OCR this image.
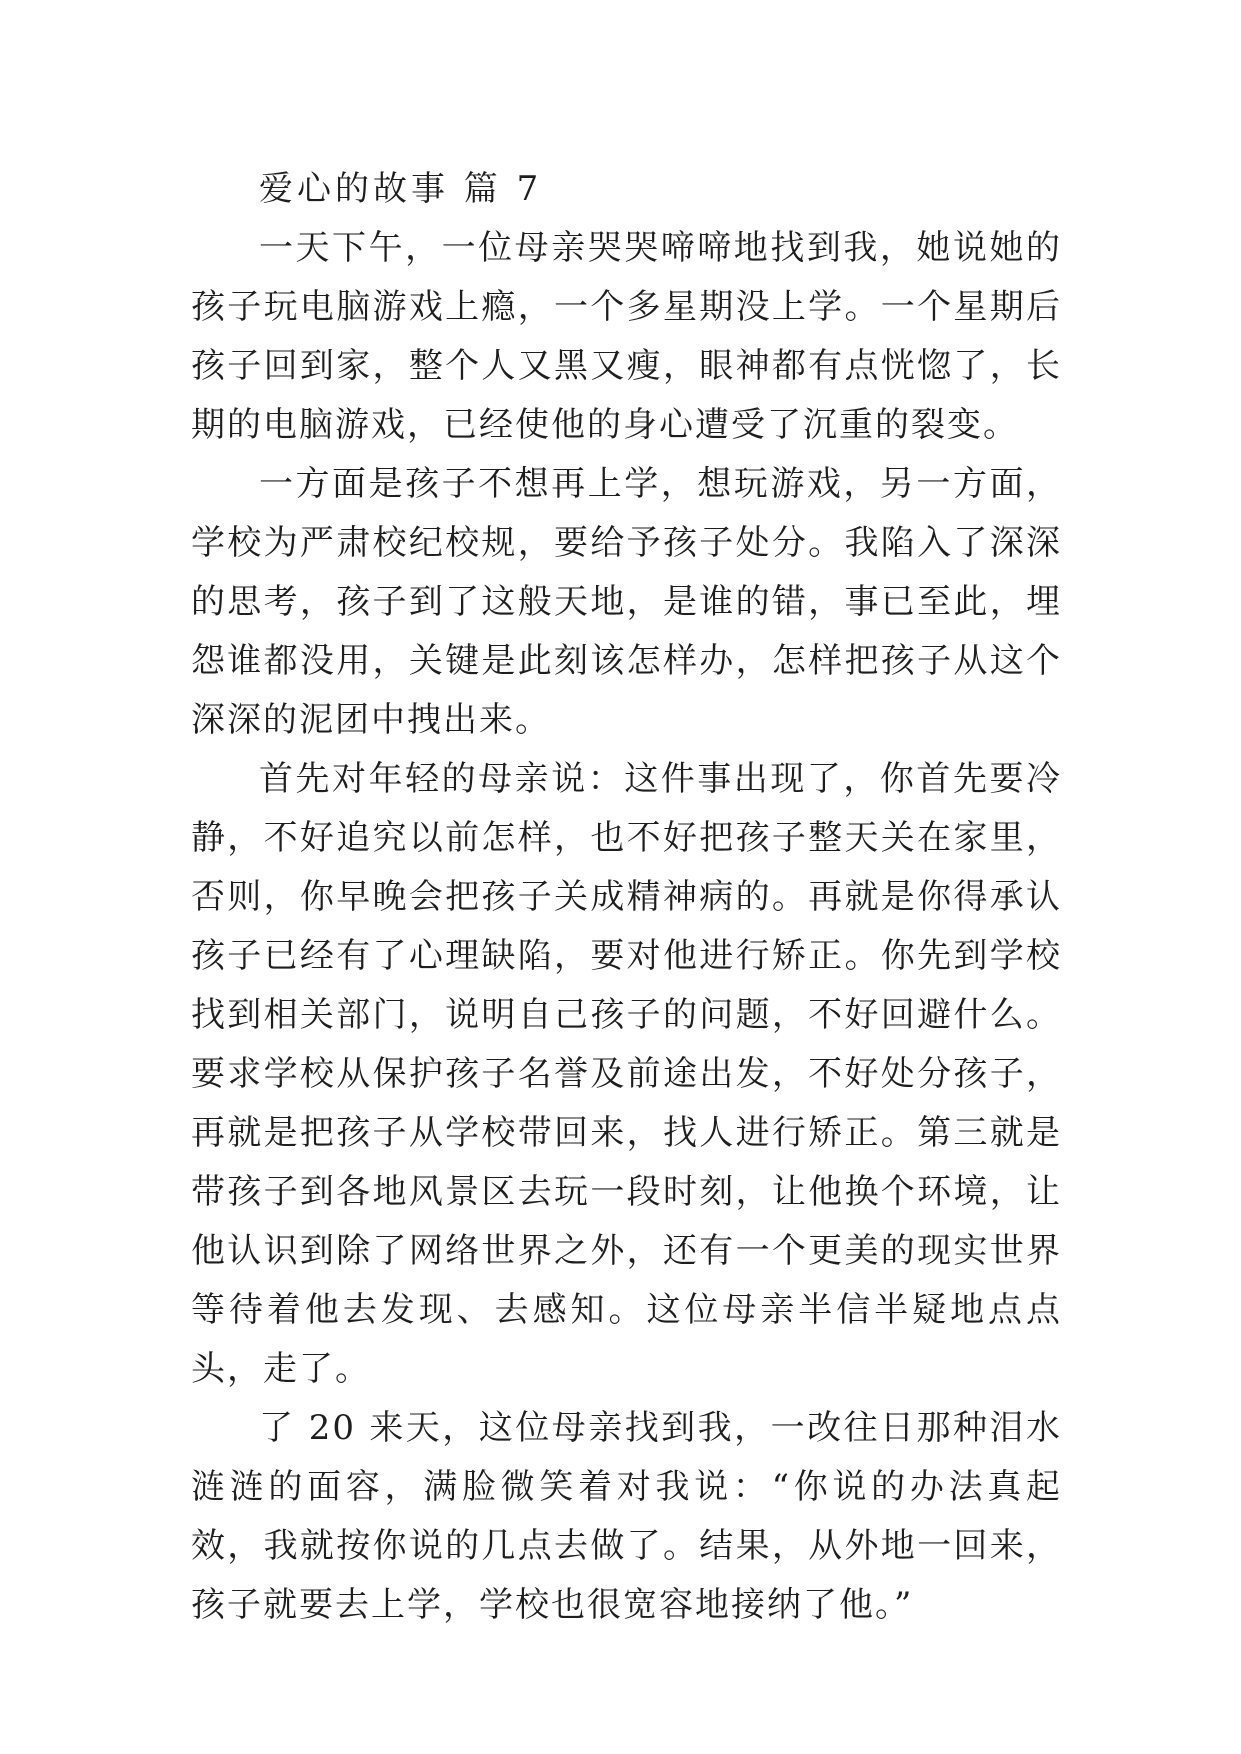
爱心的故事 篇 7

一天下午，一位母亲哭哭啼啼地找到我，她说她的孩子玩电脑游戏上瘾，一个多星期没上学。一个星期后孩子回到家，整个人又黑又瘦，眼神都有点恍惚了，长期的电脑游戏，已经使他的身心遭受了沉重的裂变。

一方面是孩子不想再上学，想玩游戏，另一方面，学校为严肃校纪校规，要给予孩子处分。我陷入了深深的思考，孩子到了这般天地，是谁的错，事已至此，埋怨谁都没用，关键是此刻该怎样办，怎样把孩子从这个深深的泥团中拽出来。

首先对年轻的母亲说：这件事出现了，你首先要冷静，不好追究以前怎样，也不好把孩子整天关在家里，否则，你早晚会把孩子关成精神病的。再就是你得承认孩子已经有了心理缺陷，要对他进行矫正。你先到学校找到相关部门，说明自己孩子的问题，不好回避什么。要求学校从保护孩子名誉及前途出发，不好处分孩子，再就是把孩子从学校带回来，找人进行矫正。第三就是带孩子到各地风景区去玩一段时刻，让他换个环境，让他认识到除了网络世界之外，还有一个更美的现实世界等待着他去发现、去感知。这位母亲半信半疑地点点头，走了。

了 20 来天，这位母亲找到我，一改往日那种泪水涟涟的面容，满脸微笑着对我说：“你说的办法真起效，我就按你说的几点去做了。结果，从外地一回来，孩子就要去上学，学校也很宽容地接纳了他。”
